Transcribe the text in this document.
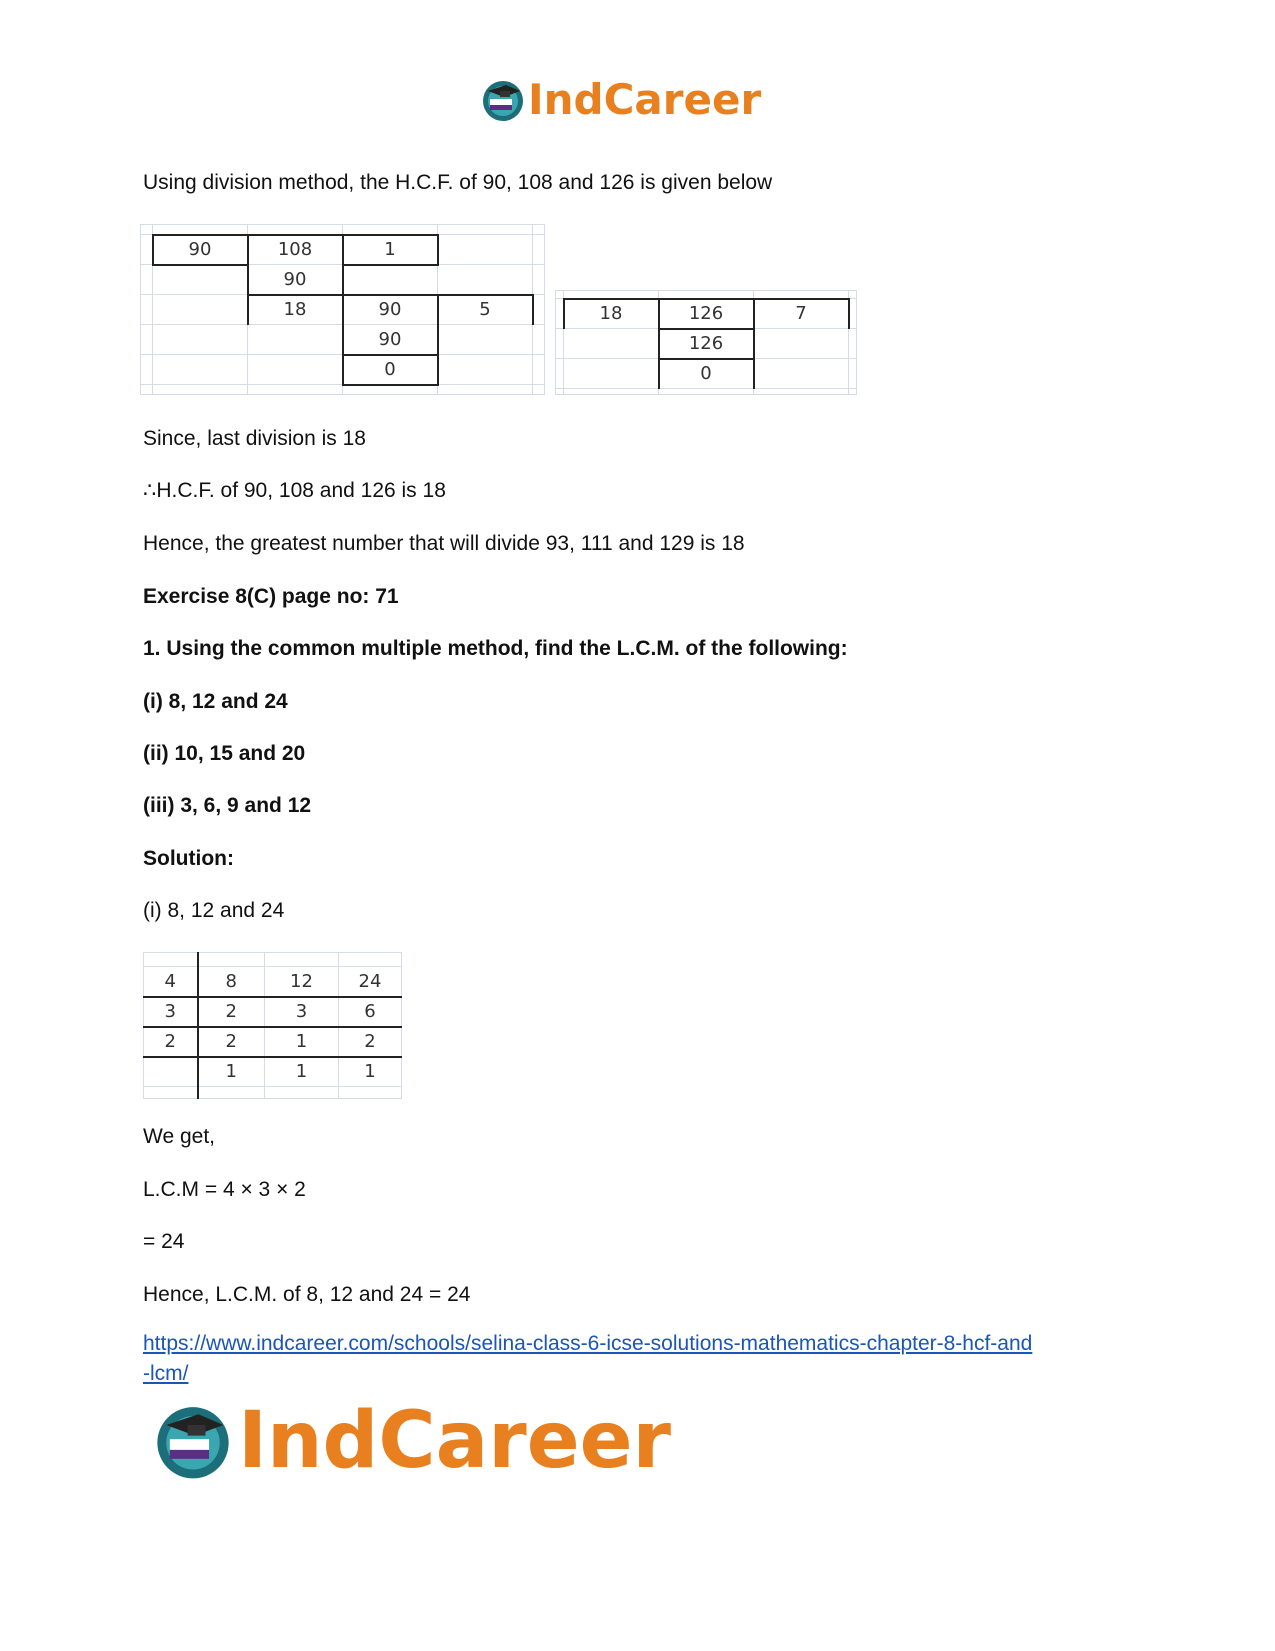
IndCareer
Using division method, the H.C.F. of 90, 108 and 126 is given below

	90	108	1		
		90			
		18	90	5	
			90		
			0		

	18	126	7	
		126		
		0		

Since, last division is 18
∴H.C.F. of 90, 108 and 126 is 18
Hence, the greatest number that will divide 93, 111 and 129 is 18
Exercise 8(C) page no: 71
1. Using the common multiple method, find the L.C.M. of the following:
(i) 8, 12 and 24
(ii) 10, 15 and 20
(iii) 3, 6, 9 and 12
Solution:
(i) 8, 12 and 24

4	8	12	24
3	2	3	6
2	2	1	2
	1	1	1

We get,
L.C.M = 4 × 3 × 2
= 24
Hence, L.C.M. of 8, 12 and 24 = 24
https://www.indcareer.com/schools/selina-class-6-icse-solutions-mathematics-chapter-8-hcf-and
-lcm/
IndCareer
